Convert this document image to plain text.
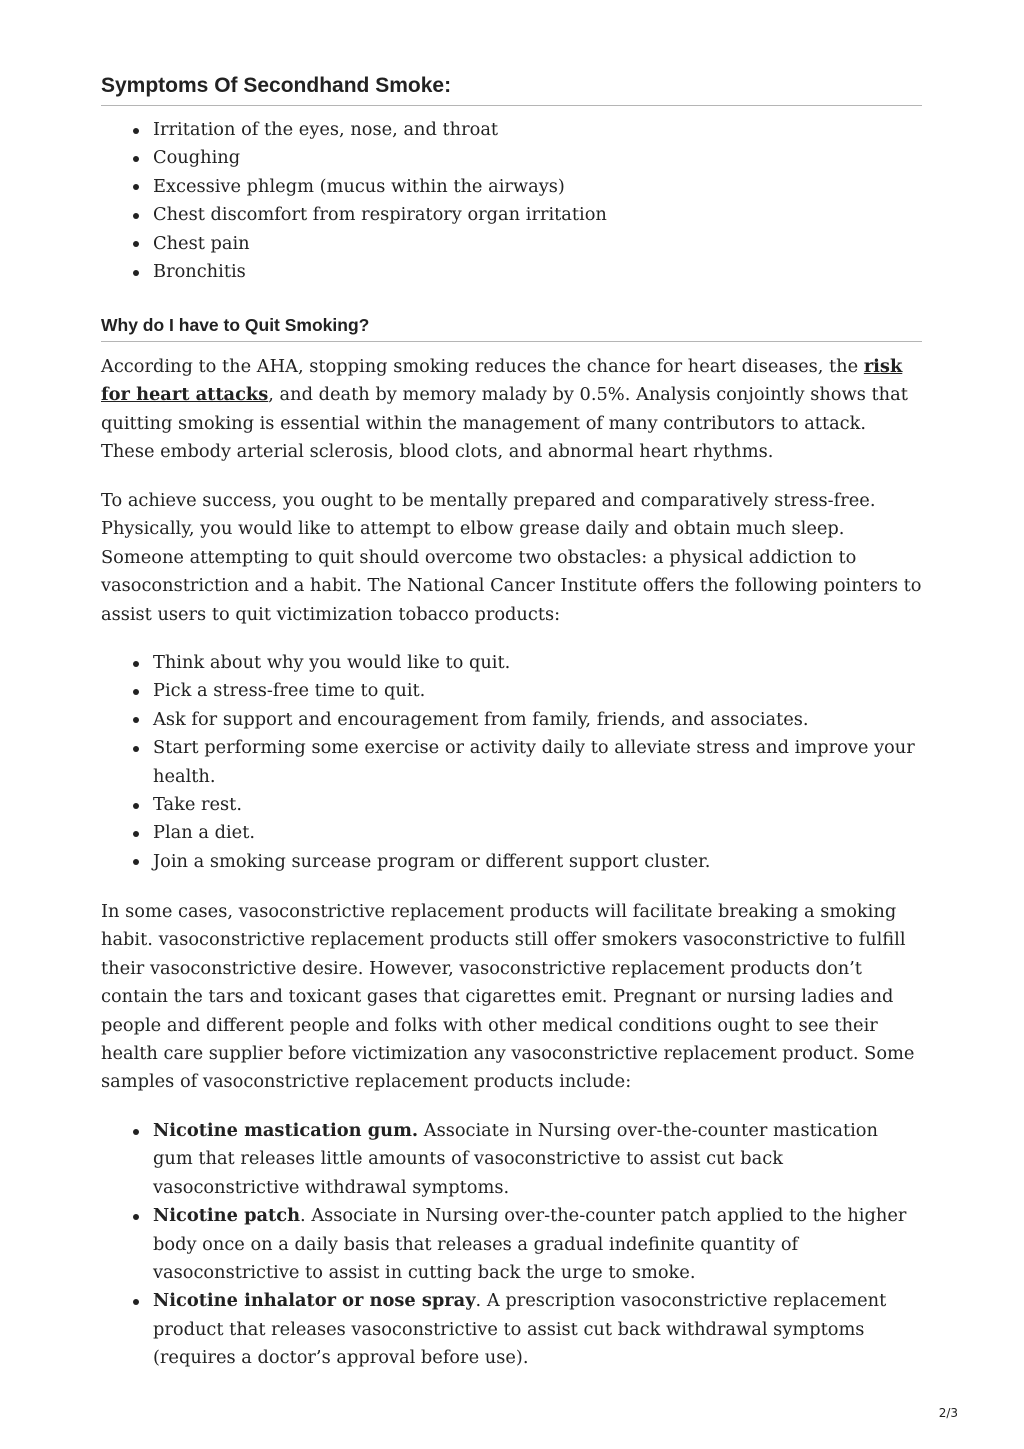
Symptoms Of Secondhand Smoke:
Irritation of the eyes, nose, and throat
Coughing
Excessive phlegm (mucus within the airways)
Chest discomfort from respiratory organ irritation
Chest pain
Bronchitis
Why do I have to Quit Smoking?

According to the AHA, stopping smoking reduces the chance for heart diseases, the risk for heart attacks, and death by memory malady by 0.5%. Analysis conjointly shows that quitting smoking is essential within the management of many contributors to attack. These embody arterial sclerosis, blood clots, and abnormal heart rhythms.

To achieve success, you ought to be mentally prepared and comparatively stress-free. Physically, you would like to attempt to elbow grease daily and obtain much sleep. Someone attempting to quit should overcome two obstacles: a physical addiction to vasoconstriction and a habit. The National Cancer Institute offers the following pointers to assist users to quit victimization tobacco products:

Think about why you would like to quit.
Pick a stress-free time to quit.
Ask for support and encouragement from family, friends, and associates.
Start performing some exercise or activity daily to alleviate stress and improve your health.
Take rest.
Plan a diet.
Join a smoking surcease program or different support cluster.

In some cases, vasoconstrictive replacement products will facilitate breaking a smoking habit. vasoconstrictive replacement products still offer smokers vasoconstrictive to fulfill their vasoconstrictive desire. However, vasoconstrictive replacement products don’t contain the tars and toxicant gases that cigarettes emit. Pregnant or nursing ladies and people and different people and folks with other medical conditions ought to see their health care supplier before victimization any vasoconstrictive replacement product. Some samples of vasoconstrictive replacement products include:

Nicotine mastication gum. Associate in Nursing over-the-counter mastication gum that releases little amounts of vasoconstrictive to assist cut back vasoconstrictive withdrawal symptoms.
Nicotine patch. Associate in Nursing over-the-counter patch applied to the higher body once on a daily basis that releases a gradual indefinite quantity of vasoconstrictive to assist in cutting back the urge to smoke.
Nicotine inhalator or nose spray. A prescription vasoconstrictive replacement product that releases vasoconstrictive to assist cut back withdrawal symptoms (requires a doctor’s approval before use).
2/3
